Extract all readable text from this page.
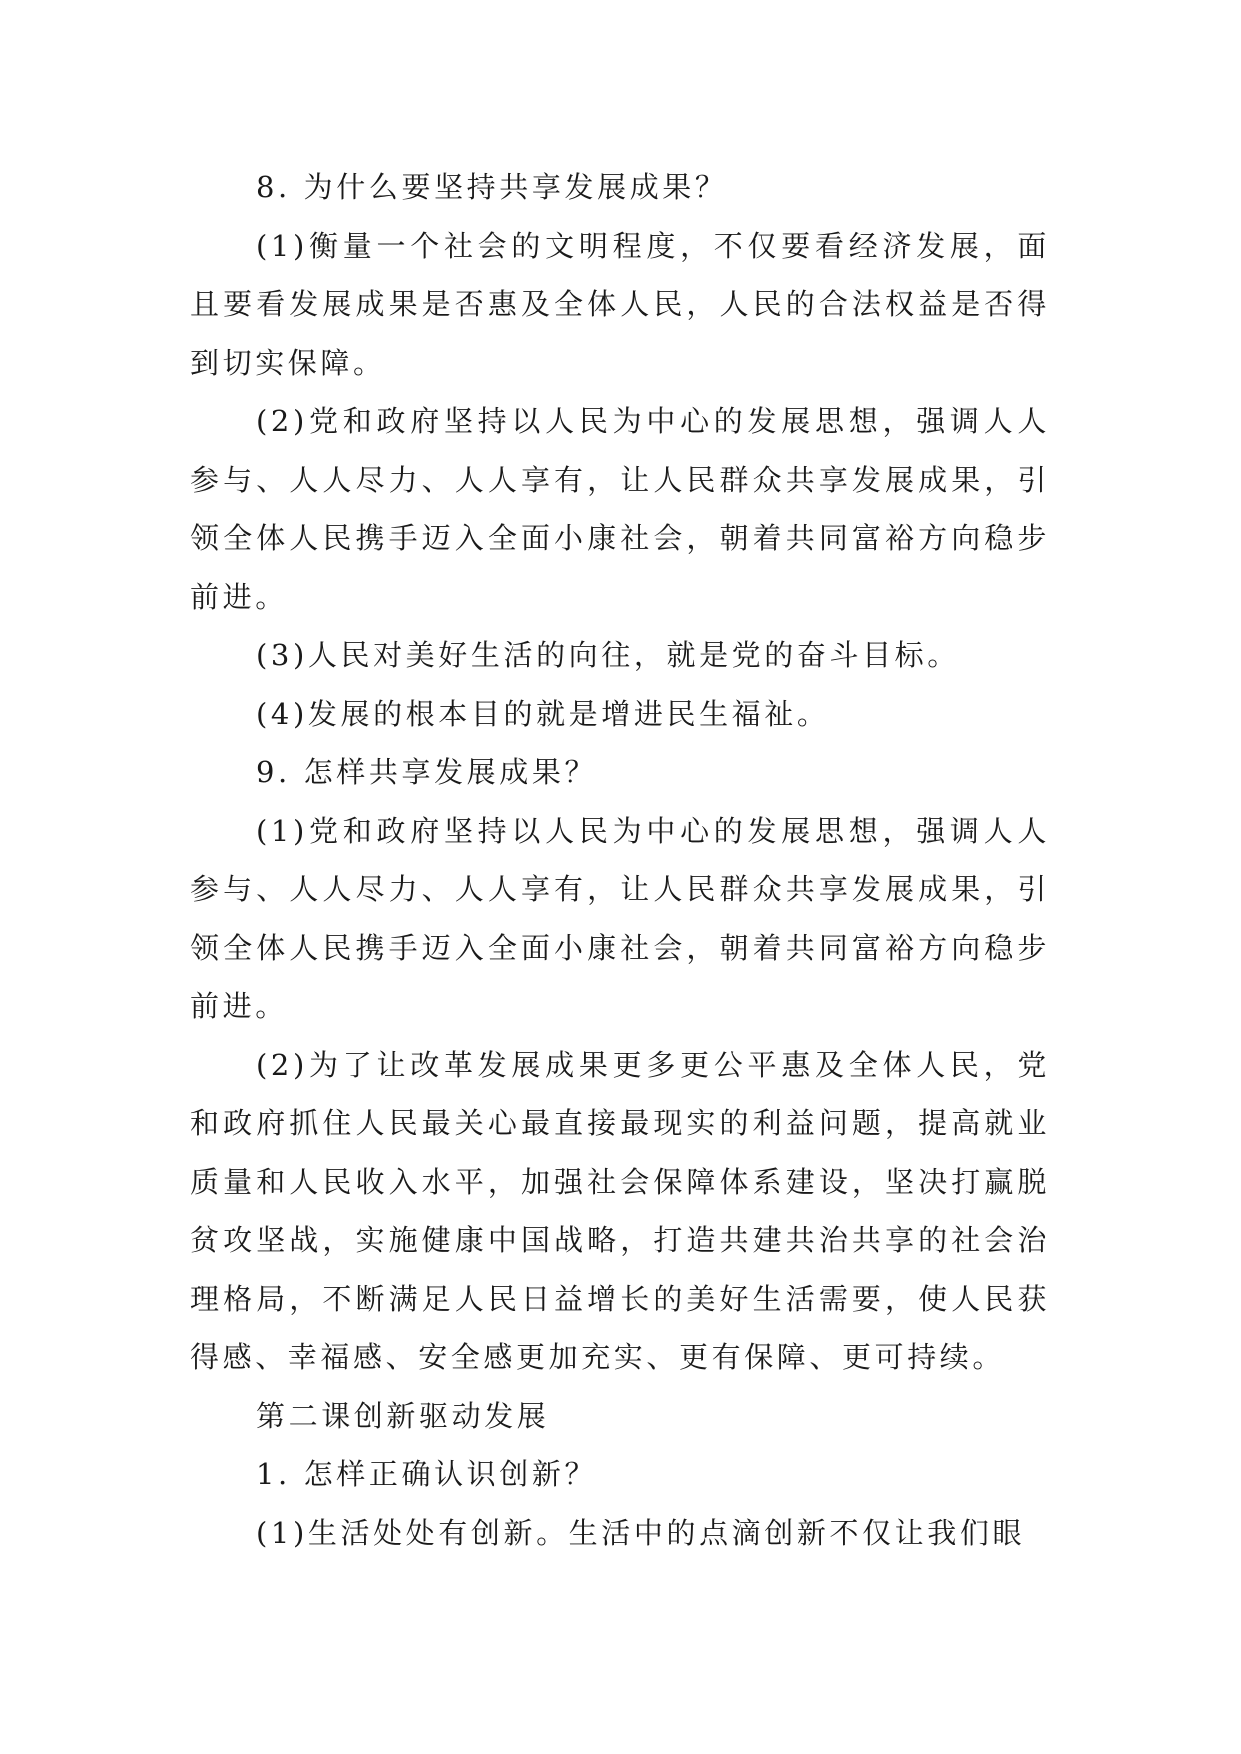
8. 为什么要坚持共享发展成果？

(1)衡量一个社会的文明程度，不仅要看经济发展，面且要看发展成果是否惠及全体人民，人民的合法权益是否得到切实保障。

(2)党和政府坚持以人民为中心的发展思想，强调人人参与、人人尽力、人人享有，让人民群众共享发展成果，引领全体人民携手迈入全面小康社会，朝着共同富裕方向稳步前进。

(3)人民对美好生活的向往，就是党的奋斗目标。

(4)发展的根本目的就是增进民生福祉。

9. 怎样共享发展成果？

(1)党和政府坚持以人民为中心的发展思想，强调人人参与、人人尽力、人人享有，让人民群众共享发展成果，引领全体人民携手迈入全面小康社会，朝着共同富裕方向稳步前进。

(2)为了让改革发展成果更多更公平惠及全体人民，党和政府抓住人民最关心最直接最现实的利益问题，提高就业质量和人民收入水平，加强社会保障体系建设，坚决打赢脱贫攻坚战，实施健康中国战略，打造共建共治共享的社会治理格局，不断满足人民日益增长的美好生活需要，使人民获得感、幸福感、安全感更加充实、更有保障、更可持续。

第二课创新驱动发展

1. 怎样正确认识创新？

(1)生活处处有创新。生活中的点滴创新不仅让我们眼
